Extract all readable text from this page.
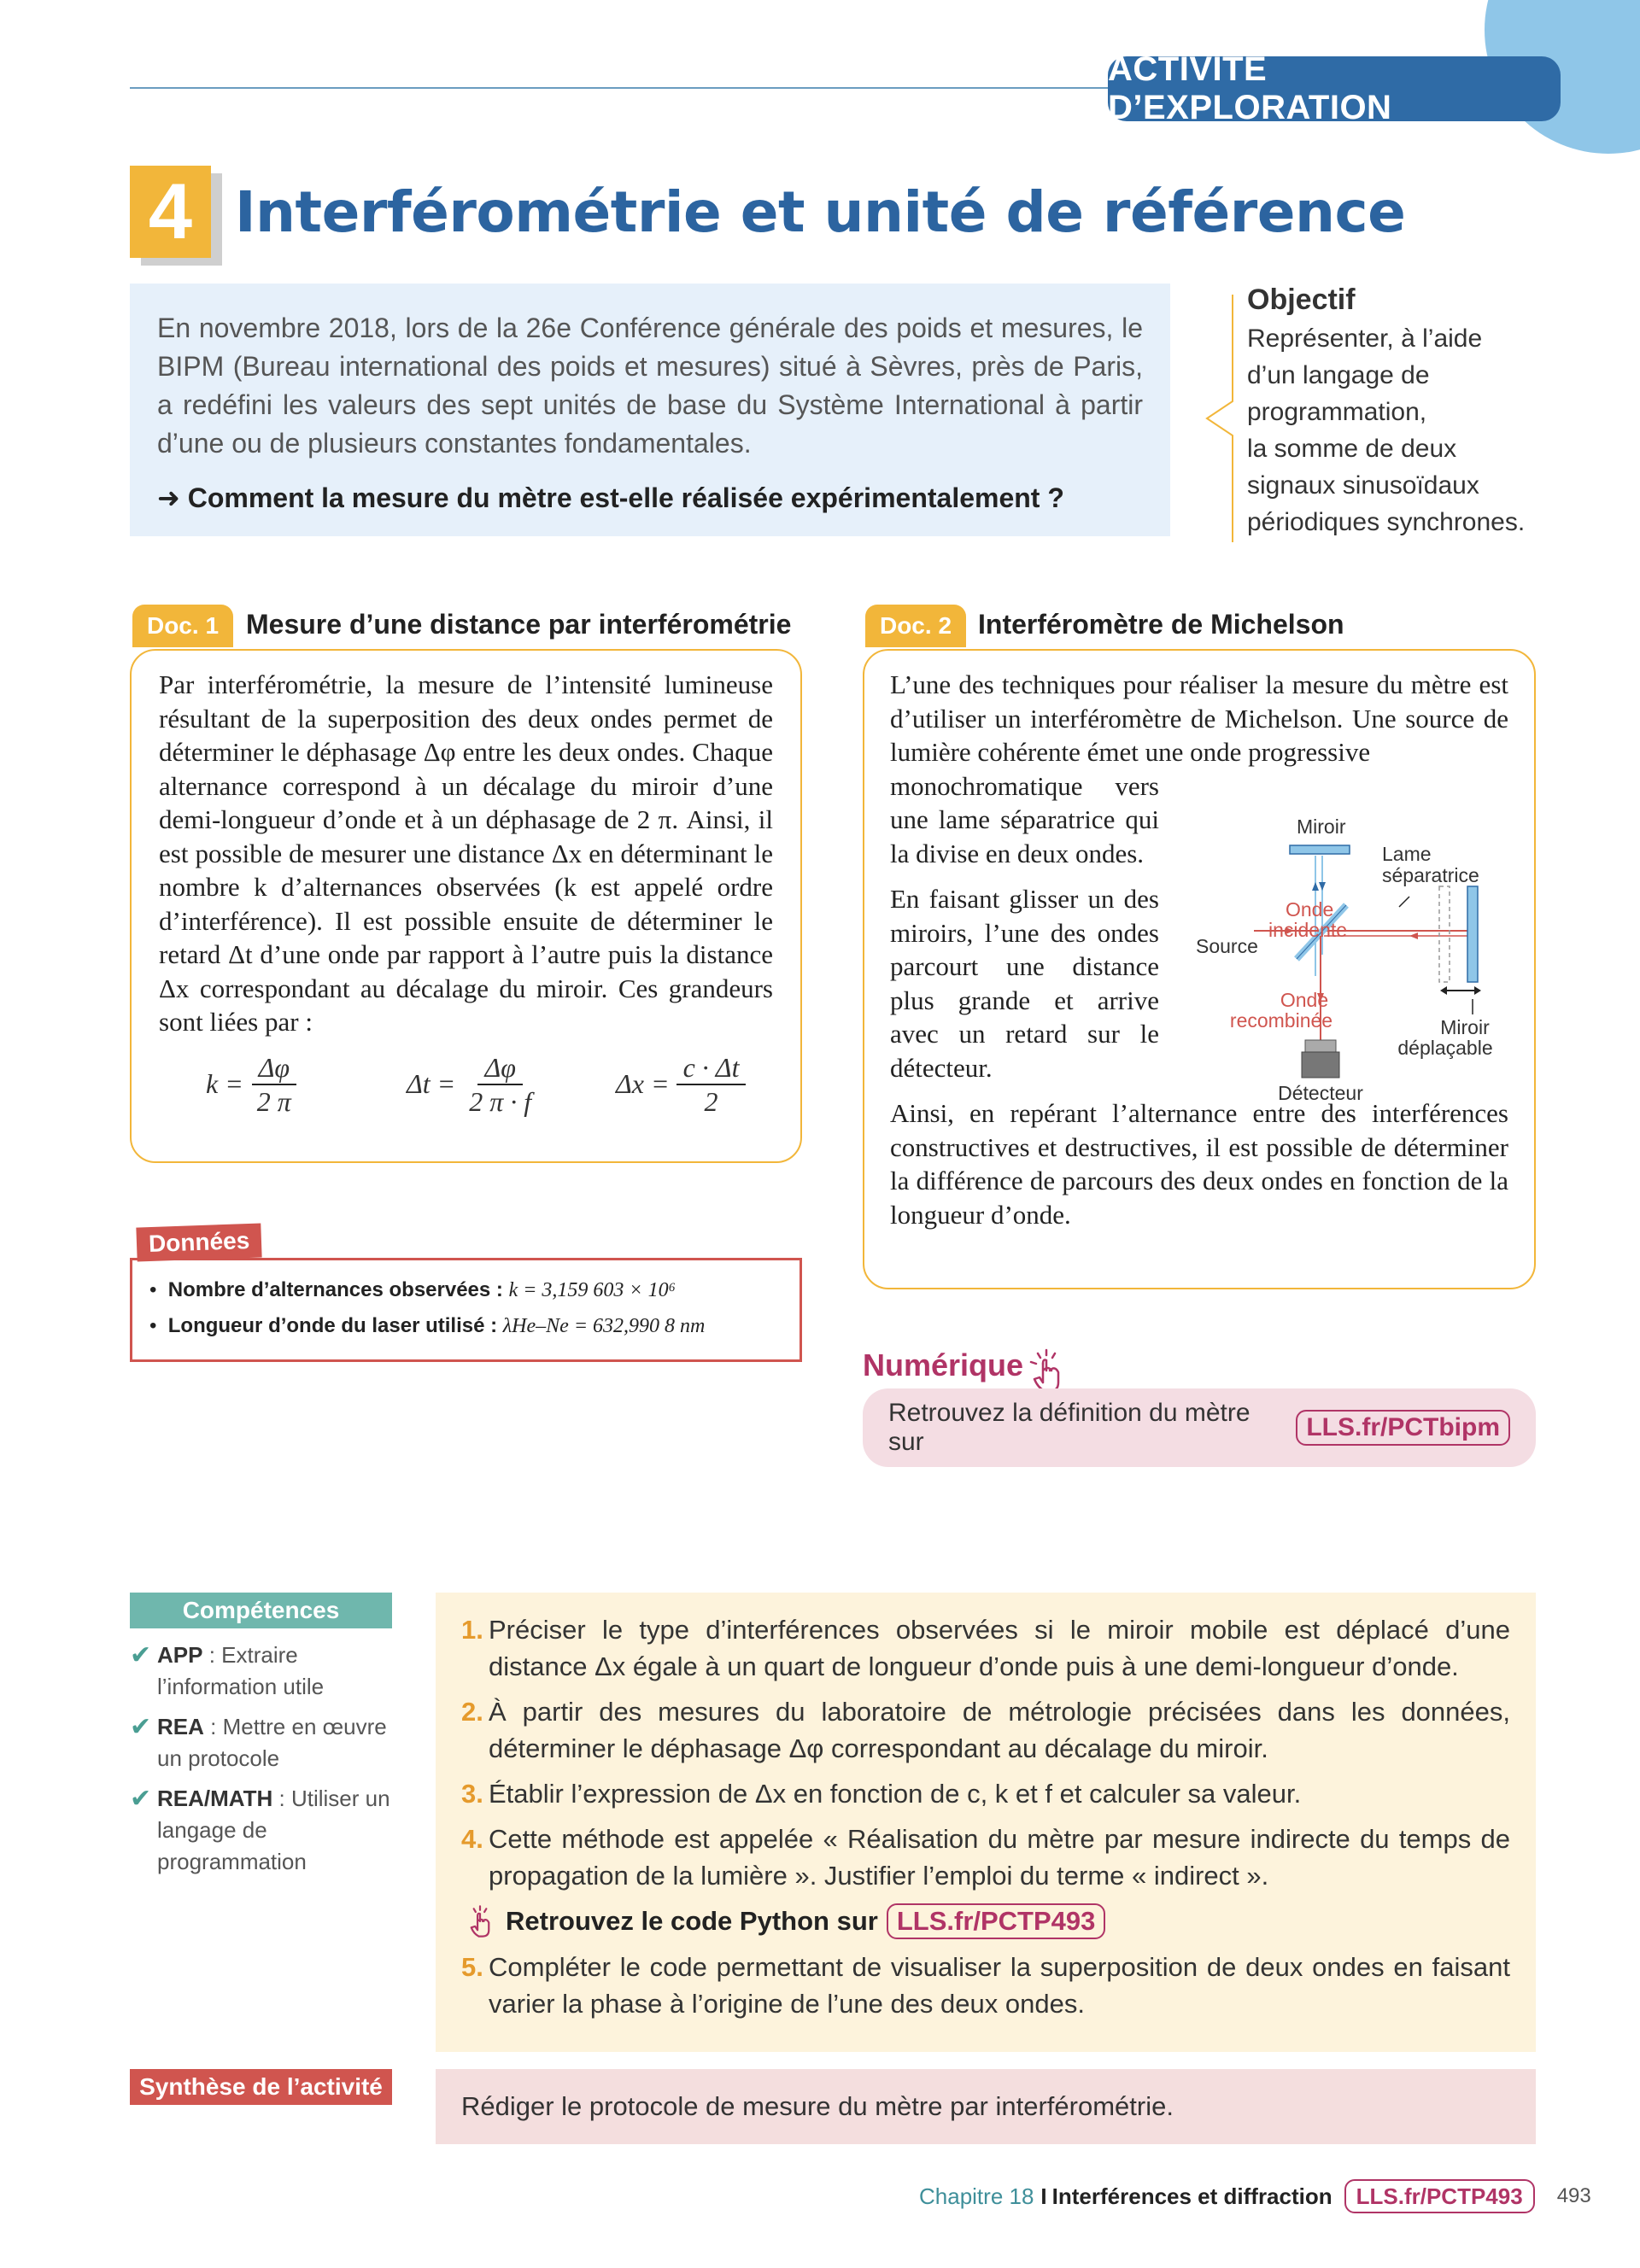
ACTIVITÉ D’EXPLORATION
4 Interférométrie et unité de référence
En novembre 2018, lors de la 26e Conférence générale des poids et mesures, le BIPM (Bureau international des poids et mesures) situé à Sèvres, près de Paris, a redéfini les valeurs des sept unités de base du Système International à partir d’une ou de plusieurs constantes fondamentales.
➜ Comment la mesure du mètre est-elle réalisée expérimentalement ?
Objectif
Représenter, à l’aide
d’un langage de
programmation,
la somme de deux
signaux sinusoïdaux
périodiques synchrones.
Doc. 1 Mesure d’une distance par interférométrie
Par interférométrie, la mesure de l’intensité lumineuse résultant de la superposition des deux ondes permet de déterminer le déphasage Δφ entre les deux ondes. Chaque alternance correspond à un décalage du miroir d’une demi-longueur d’onde et à un déphasage de 2 π. Ainsi, il est possible de mesurer une distance Δx en déterminant le nombre k d’alternances observées (k est appelé ordre d’interférence). Il est possible ensuite de déterminer le retard Δt d’une onde par rapport à l’autre puis la distance Δx correspondant au décalage du miroir. Ces grandeurs sont liées par :
$k = \frac{\Delta\varphi}{2 \pi}$	$\Delta t = \frac{\Delta\varphi}{2 \pi \cdot f}$	$\Delta x = \frac{c \cdot \Delta t}{2}$
•  Nombre d’alternances observées : k = 3,159 603 × 10⁶
•  Longueur d’onde du laser utilisé : λHe–Ne = 632,990 8 nm
Données
Doc. 2 Interféromètre de Michelson
L’une des techniques pour réaliser la mesure du mètre est d’utiliser un interféromètre de Michelson. Une source de lumière cohérente émet une onde progressive
monochromatique vers une lame séparatrice qui la divise en deux ondes.
En faisant glisser un des miroirs, l’une des ondes parcourt une distance plus grande et arrive avec un retard sur le détecteur.
Ainsi, en repérant l’alternance entre des interférences constructives et destructives, il est possible de déterminer la différence de parcours des deux ondes en fonction de la longueur d’onde.
Miroir
Lame
séparatrice
Onde
incidente
Source
Onde
recombinée	Miroir
déplaçable
Détecteur
Numérique
Retrouvez la définition du mètre sur
LLS.fr/PCTbipm
Compétences
✔ APP : Extraire l’information utile
✔ REA : Mettre en œuvre un protocole
✔ REA/MATH : Utiliser un langage de programmation
1. Préciser le type d’interférences observées si le miroir mobile est déplacé d’une distance Δx égale à un quart de longueur d’onde puis à une demi-longueur d’onde.
2. À partir des mesures du laboratoire de métrologie précisées dans les données, déterminer le déphasage Δφ correspondant au décalage du miroir.
3. Établir l’expression de Δx en fonction de c, k et f et calculer sa valeur.
4. Cette méthode est appelée « Réalisation du mètre par mesure indirecte du temps de propagation de la lumière ». Justifier l’emploi du terme « indirect ».
Retrouvez le code Python sur LLS.fr/PCTP493
5. Compléter le code permettant de visualiser la superposition de deux ondes en faisant varier la phase à l’origine de l’une des deux ondes.
Synthèse de l’activité
Rédiger le protocole de mesure du mètre par interférométrie.
Chapitre 18 I Interférences et diffraction	LLS.fr/PCTP493	493
